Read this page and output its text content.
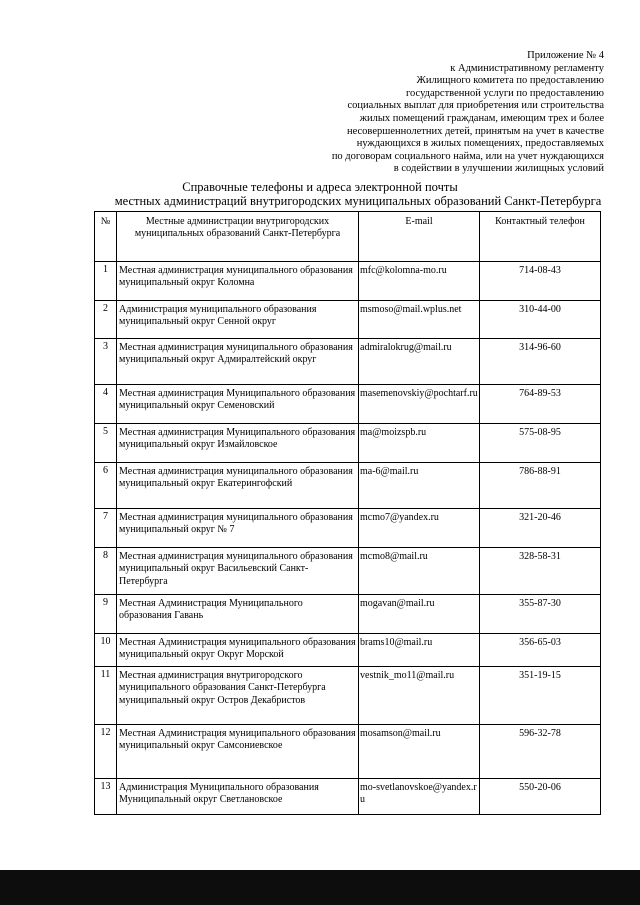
Приложение № 4
к Административному регламенту
Жилищного комитета по предоставлению
государственной услуги по предоставлению
социальных выплат для приобретения или строительства
жилых помещений гражданам, имеющим трех и более
несовершеннолетних детей, принятым на учет в качестве
нуждающихся в жилых помещениях, предоставляемых
по договорам социального найма, или на учет нуждающихся
в содействии в улучшении жилищных условий
Справочные телефоны и адреса электронной почты
местных администраций внутригородских муниципальных образований Санкт-Петербурга
№	Местные администрации внутригородских муниципальных образований Санкт-Петербурга	E-mail	Контактный телефон
1	Местная администрация муниципального образования муниципальный округ Коломна	mfc@kolomna-mo.ru	714-08-43
2	Администрация муниципального образования муниципальный округ Сенной округ	msmoso@mail.wplus.net	310-44-00
3	Местная администрация муниципального образования муниципальный округ Адмиралтейский округ	admiralokrug@mail.ru	314-96-60
4	Местная администрация Муниципального образования муниципальный округ Семеновский	masemenovskiy@pochtarf.ru	764-89-53
5	Местная администрация Муниципального образования муниципальный округ Измайловское	ma@moizspb.ru	575-08-95
6	Местная администрация муниципального образования муниципальный округ Екатерингофский	ma-6@mail.ru	786-88-91
7	Местная администрация муниципального образования муниципальный округ № 7	mcmo7@yandex.ru	321-20-46
8	Местная администрация муниципального образования муниципальный округ Васильевский Санкт-Петербурга	mcmo8@mail.ru	328-58-31
9	Местная Администрация Муниципального образования Гавань	mogavan@mail.ru	355-87-30
10	Местная Администрация муниципального образования муниципальный округ Округ Морской	brams10@mail.ru	356-65-03
11	Местная администрация внутригородского муниципального образования Санкт-Петербурга муниципальный округ Остров Декабристов	vestnik_mo11@mail.ru	351-19-15
12	Местная Администрация муниципального образования муниципальный округ Самсониевское	mosamson@mail.ru	596-32-78
13	Администрация Муниципального образования Муниципальный округ Светлановское	mo-svetlanovskoe@yandex.ru	550-20-06
